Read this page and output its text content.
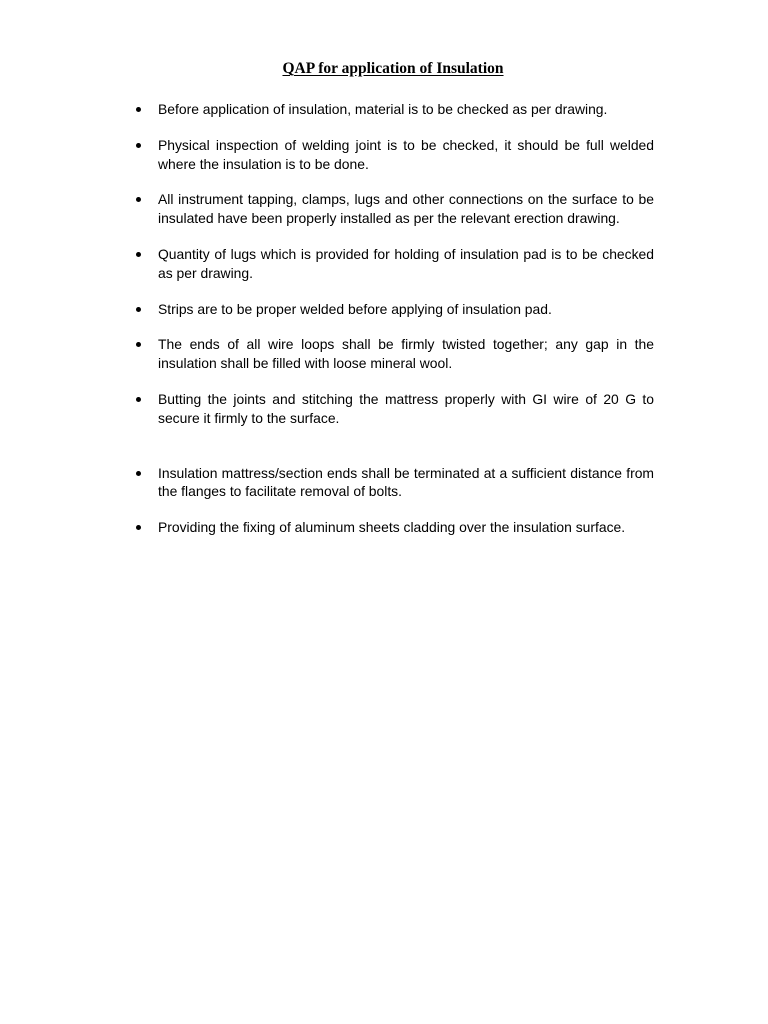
QAP for application of Insulation
Before application of insulation, material is to be checked as per drawing.
Physical inspection of welding joint is to be checked, it should be full welded where the insulation is to be done.
All instrument tapping, clamps, lugs and other connections on the surface to be insulated have been properly installed as per the relevant erection drawing.
Quantity of lugs which is provided for holding of insulation pad is to be checked as per drawing.
Strips are to be proper welded before applying of insulation pad.
The ends of all wire loops shall be firmly twisted together; any gap in the insulation shall be filled with loose mineral wool.
Butting the joints and stitching the mattress properly with GI wire of 20 G to secure it firmly to the surface.
Insulation mattress/section ends shall be terminated at a sufficient distance from the flanges to facilitate removal of bolts.
Providing the fixing of aluminum sheets cladding over the insulation surface.
